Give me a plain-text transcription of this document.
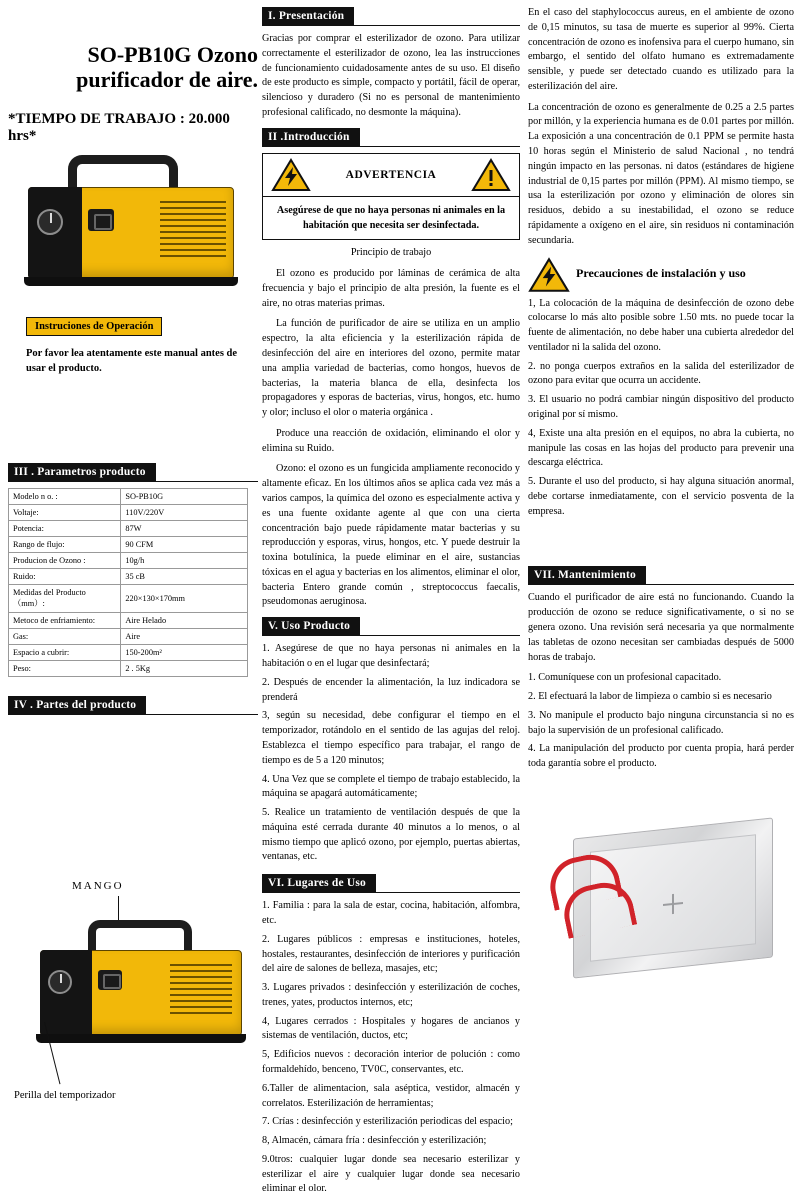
SO-PB10G Ozono purificador de aire.
*TIEMPO DE TRABAJO : 20.000 hrs*
Instruciones de Operación

Por favor lea atentamente este manual antes de usar el producto.

III . Parametros producto
Modelo n o. :	SO-PB10G
Voltaje:	110V/220V
Potencia:	87W
Rango de flujo:	90 CFM
Producion de Ozono :	10g/h
Ruido:	35 cB
Medidas del Producto（mm）:	220×130×170mm
Metoco de enfriamiento:	Aire Helado
Gas:	Aire
Espacio a cubrir:	150-200m²
Peso:	2 . 5Kg
IV . Partes del producto
MANGO
Perilla del temporizador
I. Presentación

Gracias por comprar el esterilizador de ozono. Para utilizar correctamente el esterilizador de ozono, lea las instrucciones de funcionamiento cuidadosamente antes de su uso. El diseño de este producto es simple, compacto y portátil, fácil de operar, silencioso y duradero (Si no es personal de mantenimiento profesional calificado, no desmonte la máquina).

II .Introducción
ADVERTENCIA
Asegúrese de que no haya personas ni animales en la habitación que necesita ser desinfectada.

Principio de trabajo

El ozono es producido por láminas de cerámica de alta frecuencia y bajo el principio de alta presión, la fuente es el aire, no otras materias primas.

La función de purificador de aire se utiliza en un amplio espectro, la alta eficiencia y la esterilización rápida de desinfección del aire en interiores del ozono, permite matar una amplia variedad de bacterias, como hongos, huevos de bacterias, la materia blanca de ella, desinfecta los propagadores y esporas de bacterias, virus, hongos, etc. humo y olor; incluso el olor o materia orgánica .

Produce una reacción de oxidación, eliminando el olor y elimina su Ruido.

Ozono: el ozono es un fungicida ampliamente reconocido y altamente eficaz. En los últimos años se aplica cada vez más a varios campos, la química del ozono es especialmente activa y es una fuente oxidante agente al que con una cierta concentración bajo puede rápidamente matar bacterias y su reproducción y esporas, virus, hongos, etc. Y puede destruir la toxina botulínica, la puede eliminar en el aire, sustancias tóxicas en el agua y bacterias en los alimentos, eliminar el olor, bacteria Entero grande común , streptococcus faecalis, pseudomonas aeruginosa.

V. Uso Producto
1. Asegúrese de que no haya personas ni animales en la habitación o en el lugar que desinfectará;
2. Después de encender la alimentación, la luz indicadora se prenderá
3, según su necesidad, debe configurar el tiempo en el temporizador, rotándolo en el sentido de las agujas del reloj. Establezca el tiempo específico para trabajar, el rango de tiempo es de 5 a 120 minutos;
4. Una Vez que se complete el tiempo de trabajo establecido, la máquina se apagará automáticamente;
5. Realice un tratamiento de ventilación después de que la máquina esté cerrada durante 40 minutos a lo menos, o al mismo tiempo que aplicó ozono, por ejemplo, puertas abiertas, ventanas, etc.
VI. Lugares de Uso
1. Familia : para la sala de estar, cocina, habitación, alfombra, etc.
2. Lugares públicos : empresas e instituciones, hoteles, hostales, restaurantes, desinfección de interiores y purificación del aire de salones de belleza, masajes, etc;
3. Lugares privados : desinfección y esterilización de coches, trenes, yates, productos internos, etc;
4, Lugares cerrados : Hospitales y hogares de ancianos y sistemas de ventilación, ductos, etc;
5, Edificios nuevos : decoración interior de polución : como formaldehído, benceno, TV0C, conservantes, etc.
6.Taller de alimentacion, sala aséptica, vestidor, almacén y correlatos. Esterilización de herramientas;
7. Crías : desinfección y esterilización periodicas del espacio;
8, Almacén, cámara fría : desinfección y esterilización;
9.0tros: cualquier lugar donde sea necesario esterilizar y esterilizar el aire y cualquier lugar donde sea necesario eliminar el olor.

En el caso del staphylococcus aureus, en el ambiente de ozono de 0,15 minutos, su tasa de muerte es superior al 99%. Cierta concentración de ozono es inofensiva para el cuerpo humano, sin embargo, el sentido del olfato humano es extremadamente sensible, y puede ser detectado cuando es utilizado para la esterilización del aire.

La concentración de ozono es generalmente de 0.25 a 2.5 partes por millón, y la experiencia humana es de 0.01 partes por millón. La exposición a una concentración de 0.1 PPM se permite hasta 10 horas según el Ministerio de salud Nacional , no tendrá ningún impacto en las personas. ni datos (estándares de higiene industrial de 0,15 partes por millón (PPM). Al mismo tiempo, se usa la esterilización por ozono y eliminación de olores sin residuos, debido a su inestabilidad, el ozono se reduce rápidamente a oxígeno en el aire, sin residuos ni contaminación secundaria.

Precauciones de instalación y uso
1, La colocación de la máquina de desinfección de ozono debe colocarse lo más alto posible sobre 1.50 mts. no puede tocar la fuente de alimentación, no debe haber una cubierta alrededor del ventilador ni la salida del ozono.
2. no ponga cuerpos extraños en la salida del esterilizador de ozono para evitar que ocurra un accidente.
3. El usuario no podrá cambiar ningún dispositivo del producto original por sí mismo.
4, Existe una alta presión en el equipos, no abra la cubierta, no manipule las cosas en las hojas del producto para prevenir una descarga eléctrica.
5. Durante el uso del producto, si hay alguna situación anormal, debe cortarse inmediatamente, con el servicio posventa de la empresa.
VII. Mantenimiento

Cuando el purificador de aire está no funcionando. Cuando la producción de ozono se reduce significativamente, o si no se genera ozono. Una revisión será necesaria ya que normalmente las tabletas de ozono necesitan ser cambiadas después de 5000 horas de trabajo.

1. Comuníquese con un profesional capacitado.
2. El efectuará la labor de limpieza o cambio si es necesario
3. No manipule el producto bajo ninguna circunstancia si no es bajo la supervisión de un profesional calificado.
4. La manipulación del producto por cuenta propia, hará perder toda garantía sobre el producto.
